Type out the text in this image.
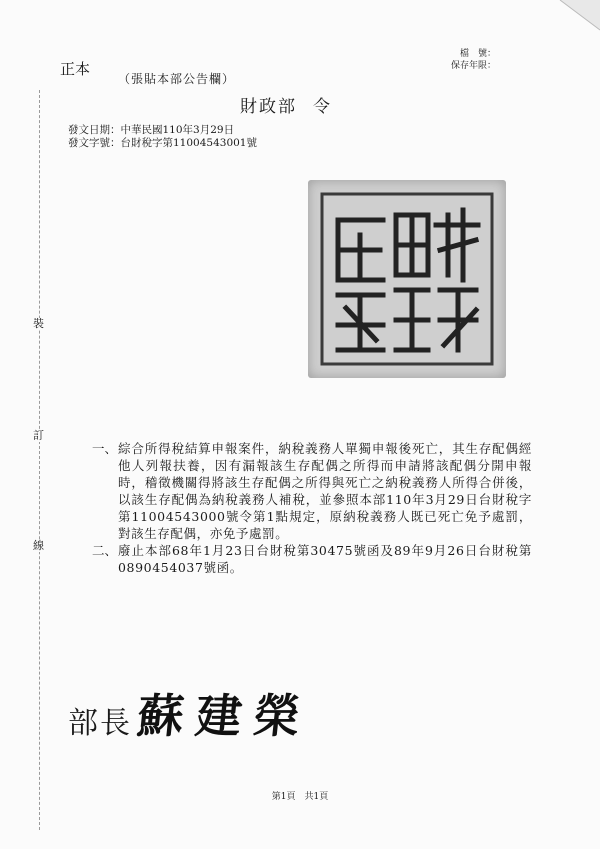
裝
訂
線
正本
（張貼本部公告欄）
檔　號：
保存年限：
財政部 令
發文日期：中華民國110年3月29日
發文字號：台財稅字第11004543001號
一、 綜合所得稅結算申報案件，納稅義務人單獨申報後死亡，其生存配偶經他人列報扶養，因有漏報該生存配偶之所得而申請將該配偶分開申報時，稽徵機關得將該生存配偶之所得與死亡之納稅義務人所得合併後，以該生存配偶為納稅義務人補稅，並參照本部110年3月29日台財稅字第11004543000號令第1點規定，原納稅義務人既已死亡免予處罰，對該生存配偶，亦免予處罰。
二、 廢止本部68年1月23日台財稅第30475號函及89年9月26日台財稅第0890454037號函。
部長 蘇建榮
第1頁　共1頁
